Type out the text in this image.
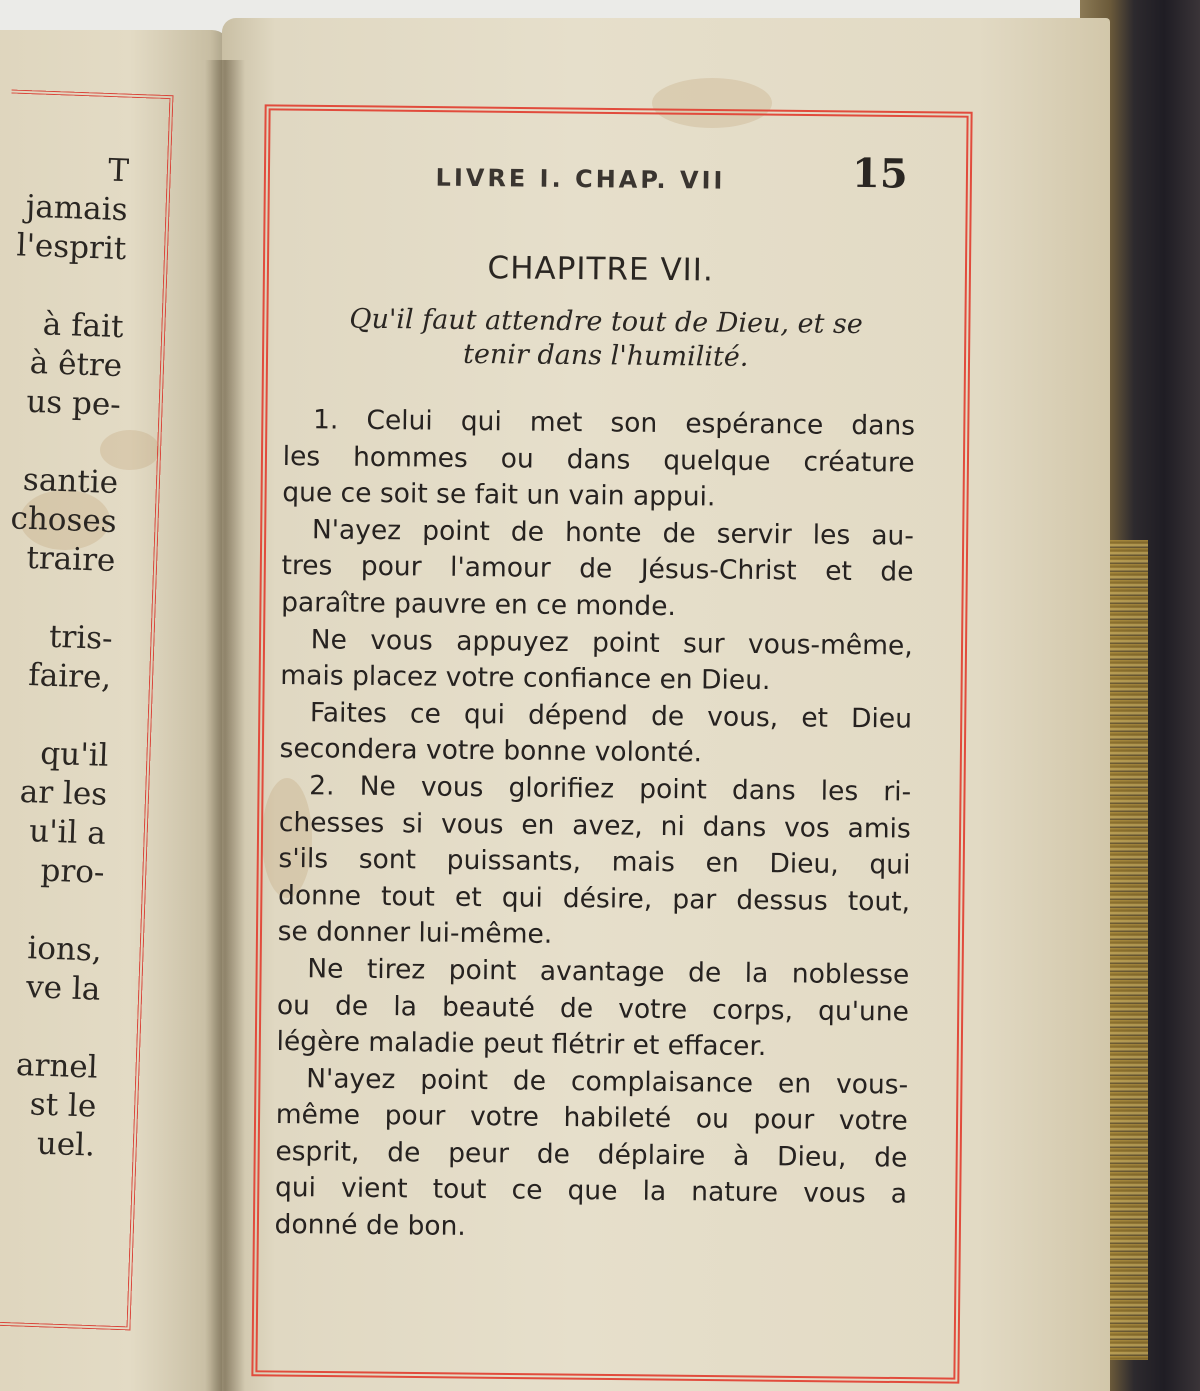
T
jamais
l'esprit
à fait
à être
us pe-
santie
choses
traire
tris-
faire,
qu'il
ar les
u'il a
pro-
ions,
ve la
arnel
st le
uel.
LIVRE I. CHAP. VII	15
CHAPITRE VII.
Qu'il faut attendre tout de Dieu, et se
tenir dans l'humilité.
1. Celui qui met son espérance dans
les hommes ou dans quelque créature
que ce soit se fait un vain appui.
N'ayez point de honte de servir les au-
tres pour l'amour de Jésus-Christ et de
paraître pauvre en ce monde.
Ne vous appuyez point sur vous-même,
mais placez votre confiance en Dieu.
Faites ce qui dépend de vous, et Dieu
secondera votre bonne volonté.
2. Ne vous glorifiez point dans les ri-
chesses si vous en avez, ni dans vos amis
s'ils sont puissants, mais en Dieu, qui
donne tout et qui désire, par dessus tout,
se donner lui-même.
Ne tirez point avantage de la noblesse
ou de la beauté de votre corps, qu'une
légère maladie peut flétrir et effacer.
N'ayez point de complaisance en vous-
même pour votre habileté ou pour votre
esprit, de peur de déplaire à Dieu, de
qui vient tout ce que la nature vous a
donné de bon.
